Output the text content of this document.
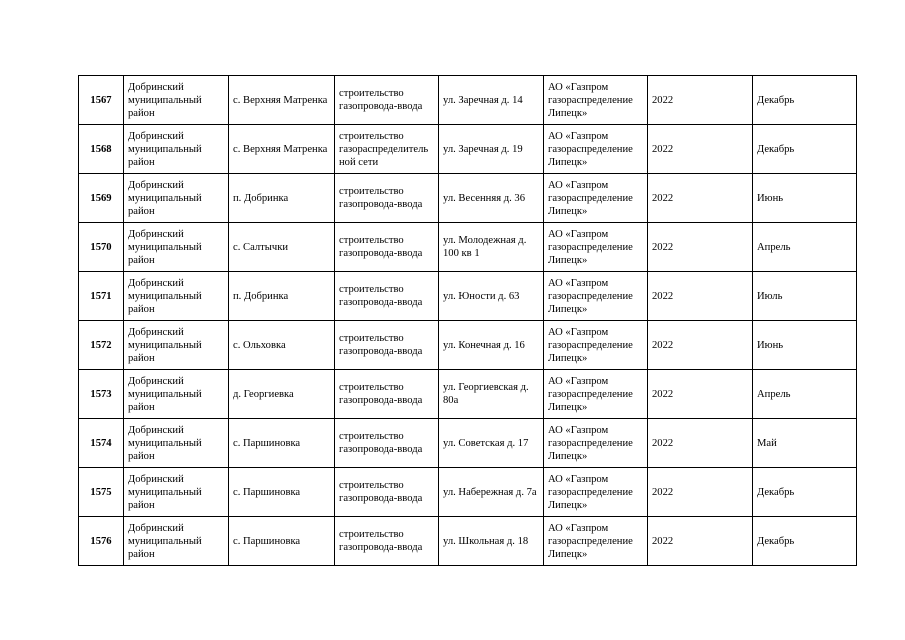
1567	Добринский муниципальный район	с. Верхняя Матренка	строительство газопровода-ввода	ул. Заречная д. 14	АО «Газпром газораспределение Липецк»	2022	Декабрь
1568	Добринский муниципальный район	с. Верхняя Матренка	строительство газораспределитель ной сети	ул. Заречная д. 19	АО «Газпром газораспределение Липецк»	2022	Декабрь
1569	Добринский муниципальный район	п. Добринка	строительство газопровода-ввода	ул. Весенняя д. 36	АО «Газпром газораспределение Липецк»	2022	Июнь
1570	Добринский муниципальный район	с. Салтычки	строительство газопровода-ввода	ул. Молодежная д. 100 кв 1	АО «Газпром газораспределение Липецк»	2022	Апрель
1571	Добринский муниципальный район	п. Добринка	строительство газопровода-ввода	ул. Юности д. 63	АО «Газпром газораспределение Липецк»	2022	Июль
1572	Добринский муниципальный район	с. Ольховка	строительство газопровода-ввода	ул. Конечная д. 16	АО «Газпром газораспределение Липецк»	2022	Июнь
1573	Добринский муниципальный район	д. Георгиевка	строительство газопровода-ввода	ул. Георгиевская д. 80а	АО «Газпром газораспределение Липецк»	2022	Апрель
1574	Добринский муниципальный район	с. Паршиновка	строительство газопровода-ввода	ул. Советская д. 17	АО «Газпром газораспределение Липецк»	2022	Май
1575	Добринский муниципальный район	с. Паршиновка	строительство газопровода-ввода	ул. Набережная д. 7а	АО «Газпром газораспределение Липецк»	2022	Декабрь
1576	Добринский муниципальный район	с. Паршиновка	строительство газопровода-ввода	ул. Школьная д. 18	АО «Газпром газораспределение Липецк»	2022	Декабрь
